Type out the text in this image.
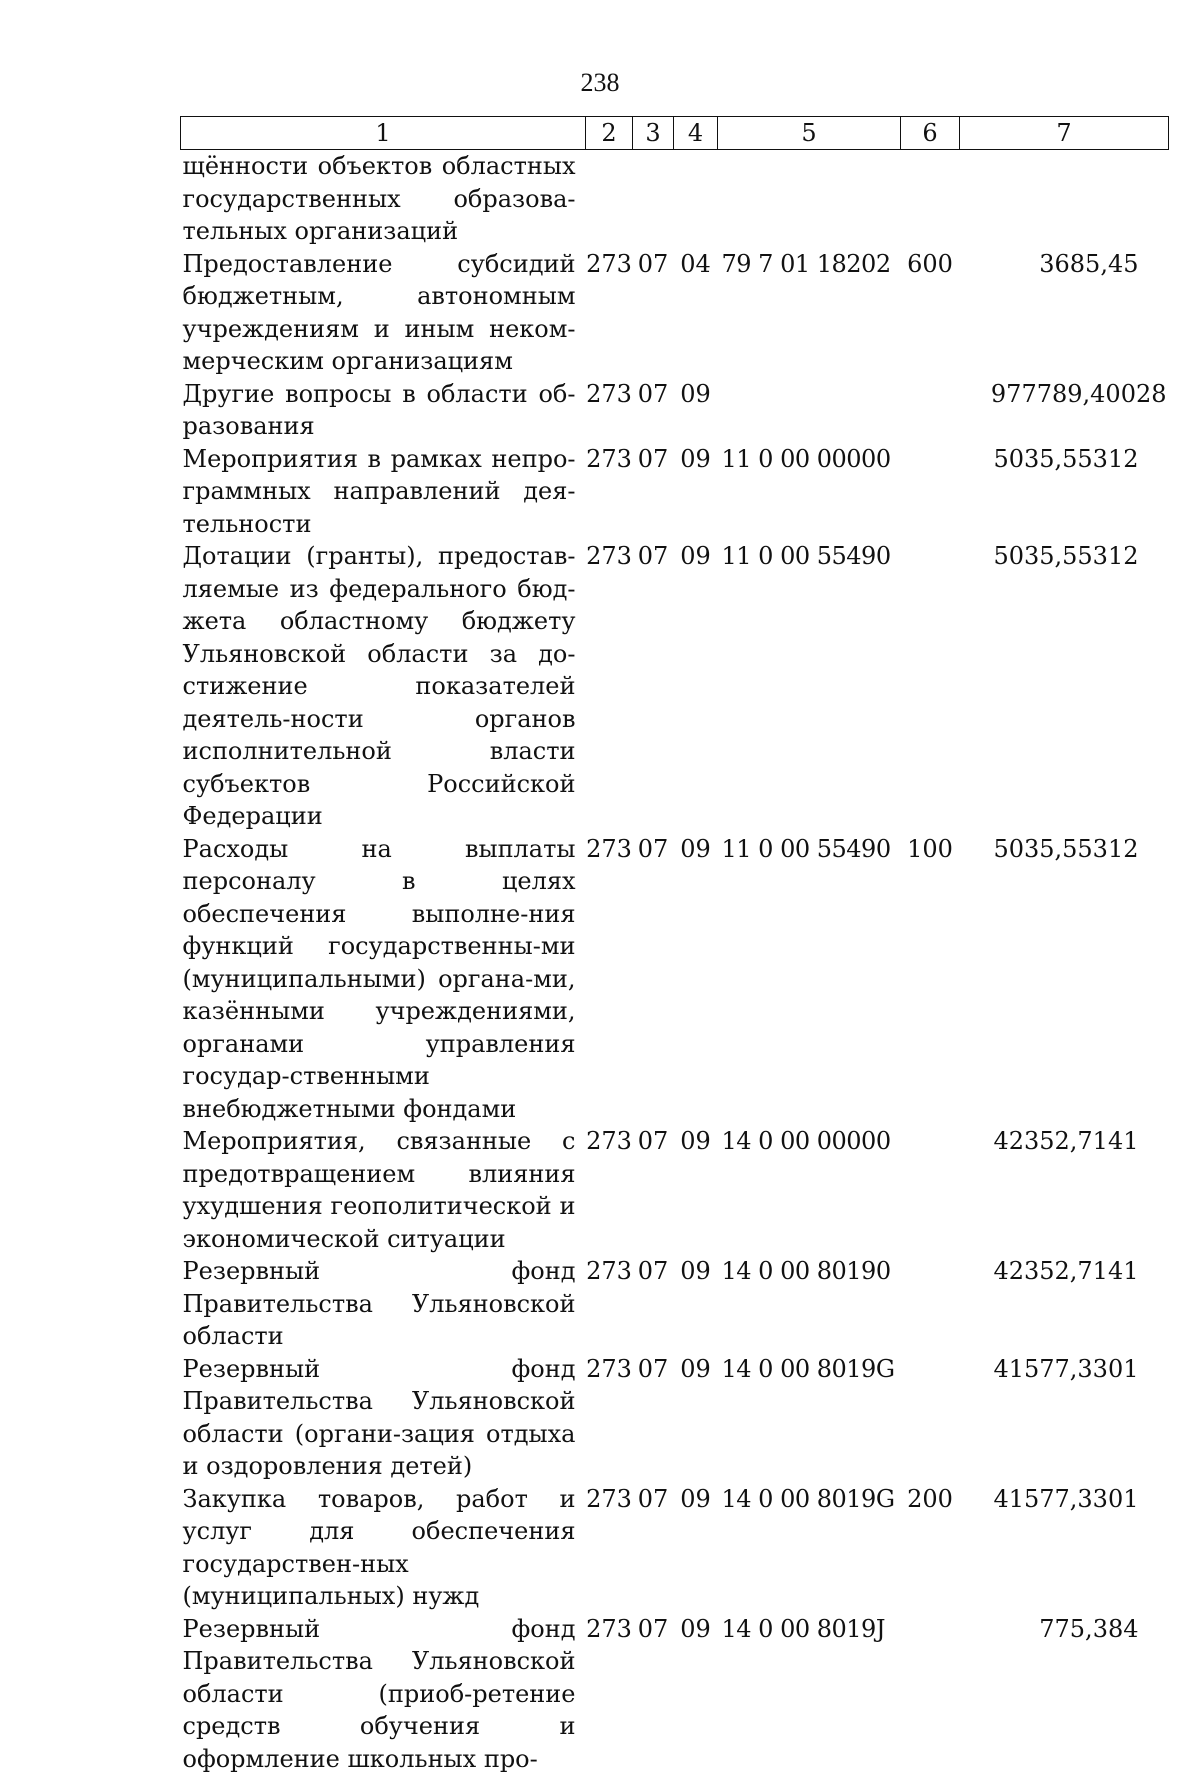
238
1	2	3	4	5	6	7
щённости объектов областных государственных образова-тельных организаций						
Предоставление субсидий бюджетным, автономным учреждениям и иным неком-мерческим организациям	273	07	04	79 7 01 18202	600	3685,45
Другие вопросы в области об-разования	273	07	09			977789,40028
Мероприятия в рамках непро-граммных направлений дея-тельности	273	07	09	11 0 00 00000		5035,55312
Дотации (гранты), предостав-ляемые из федерального бюд-жета областному бюджету Ульяновской области за до-стижение показателей деятель-ности органов исполнительной власти субъектов Российской Федерации	273	07	09	11 0 00 55490		5035,55312
Расходы на выплаты персоналу в целях обеспечения выполне-ния функций государственны-ми (муниципальными) органа-ми, казёнными учреждениями, органами управления государ-ственными внебюджетными фондами	273	07	09	11 0 00 55490	100	5035,55312
Мероприятия, связанные с предотвращением влияния ухудшения геополитической и экономической ситуации	273	07	09	14 0 00 00000		42352,7141
Резервный фонд Правительства Ульяновской области	273	07	09	14 0 00 80190		42352,7141
Резервный фонд Правительства Ульяновской области (органи-зация отдыха и оздоровления детей)	273	07	09	14 0 00 8019G		41577,3301
Закупка товаров, работ и услуг для обеспечения государствен-ных (муниципальных) нужд	273	07	09	14 0 00 8019G	200	41577,3301
Резервный фонд Правительства Ульяновской области (приоб-ретение средств обучения и оформление школьных про-	273	07	09	14 0 00 8019J		775,384
